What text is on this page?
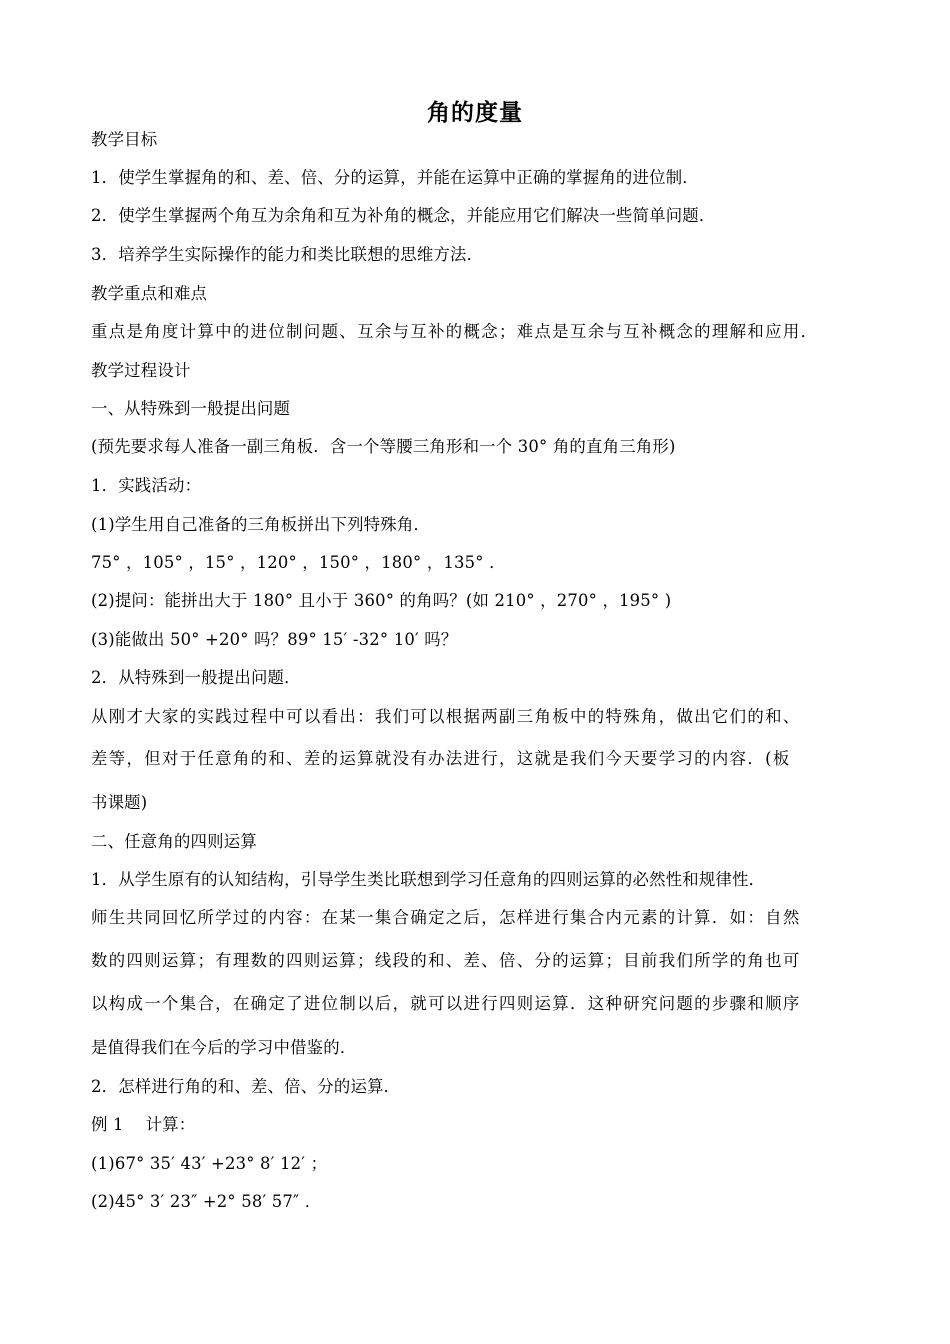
角的度量
教学目标
1．使学生掌握角的和、差、倍、分的运算，并能在运算中正确的掌握角的进位制．
2．使学生掌握两个角互为余角和互为补角的概念，并能应用它们解决一些简单问题．
3．培养学生实际操作的能力和类比联想的思维方法．
教学重点和难点
重点是角度计算中的进位制问题、互余与互补的概念；难点是互余与互补概念的理解和应用．
教学过程设计
一、从特殊到一般提出问题
(预先要求每人准备一副三角板．含一个等腰三角形和一个 30° 角的直角三角形)
1．实践活动：
(1)学生用自己准备的三角板拼出下列特殊角．
75° ，105° ，15° ，120° ，150° ，180° ，135° ．
(2)提问：能拼出大于 180° 且小于 360° 的角吗？(如 210° ，270° ，195° )
(3)能做出 50° +20° 吗？89° 15′ -32° 10′ 吗？
2．从特殊到一般提出问题．
从刚才大家的实践过程中可以看出：我们可以根据两副三角板中的特殊角，做出它们的和、
差等，但对于任意角的和、差的运算就没有办法进行，这就是我们今天要学习的内容．(板
书课题)
二、任意角的四则运算
1．从学生原有的认知结构，引导学生类比联想到学习任意角的四则运算的必然性和规律性．
师生共同回忆所学过的内容：在某一集合确定之后，怎样进行集合内元素的计算．如：自然
数的四则运算；有理数的四则运算；线段的和、差、倍、分的运算；目前我们所学的角也可
以构成一个集合，在确定了进位制以后，就可以进行四则运算．这种研究问题的步骤和顺序
是值得我们在今后的学习中借鉴的．
2．怎样进行角的和、差、倍、分的运算．
例 1　 计算：
(1)67° 35′ 43′ +23° 8′ 12′ ；
(2)45° 3′ 23″ +2° 58′ 57″ ．
